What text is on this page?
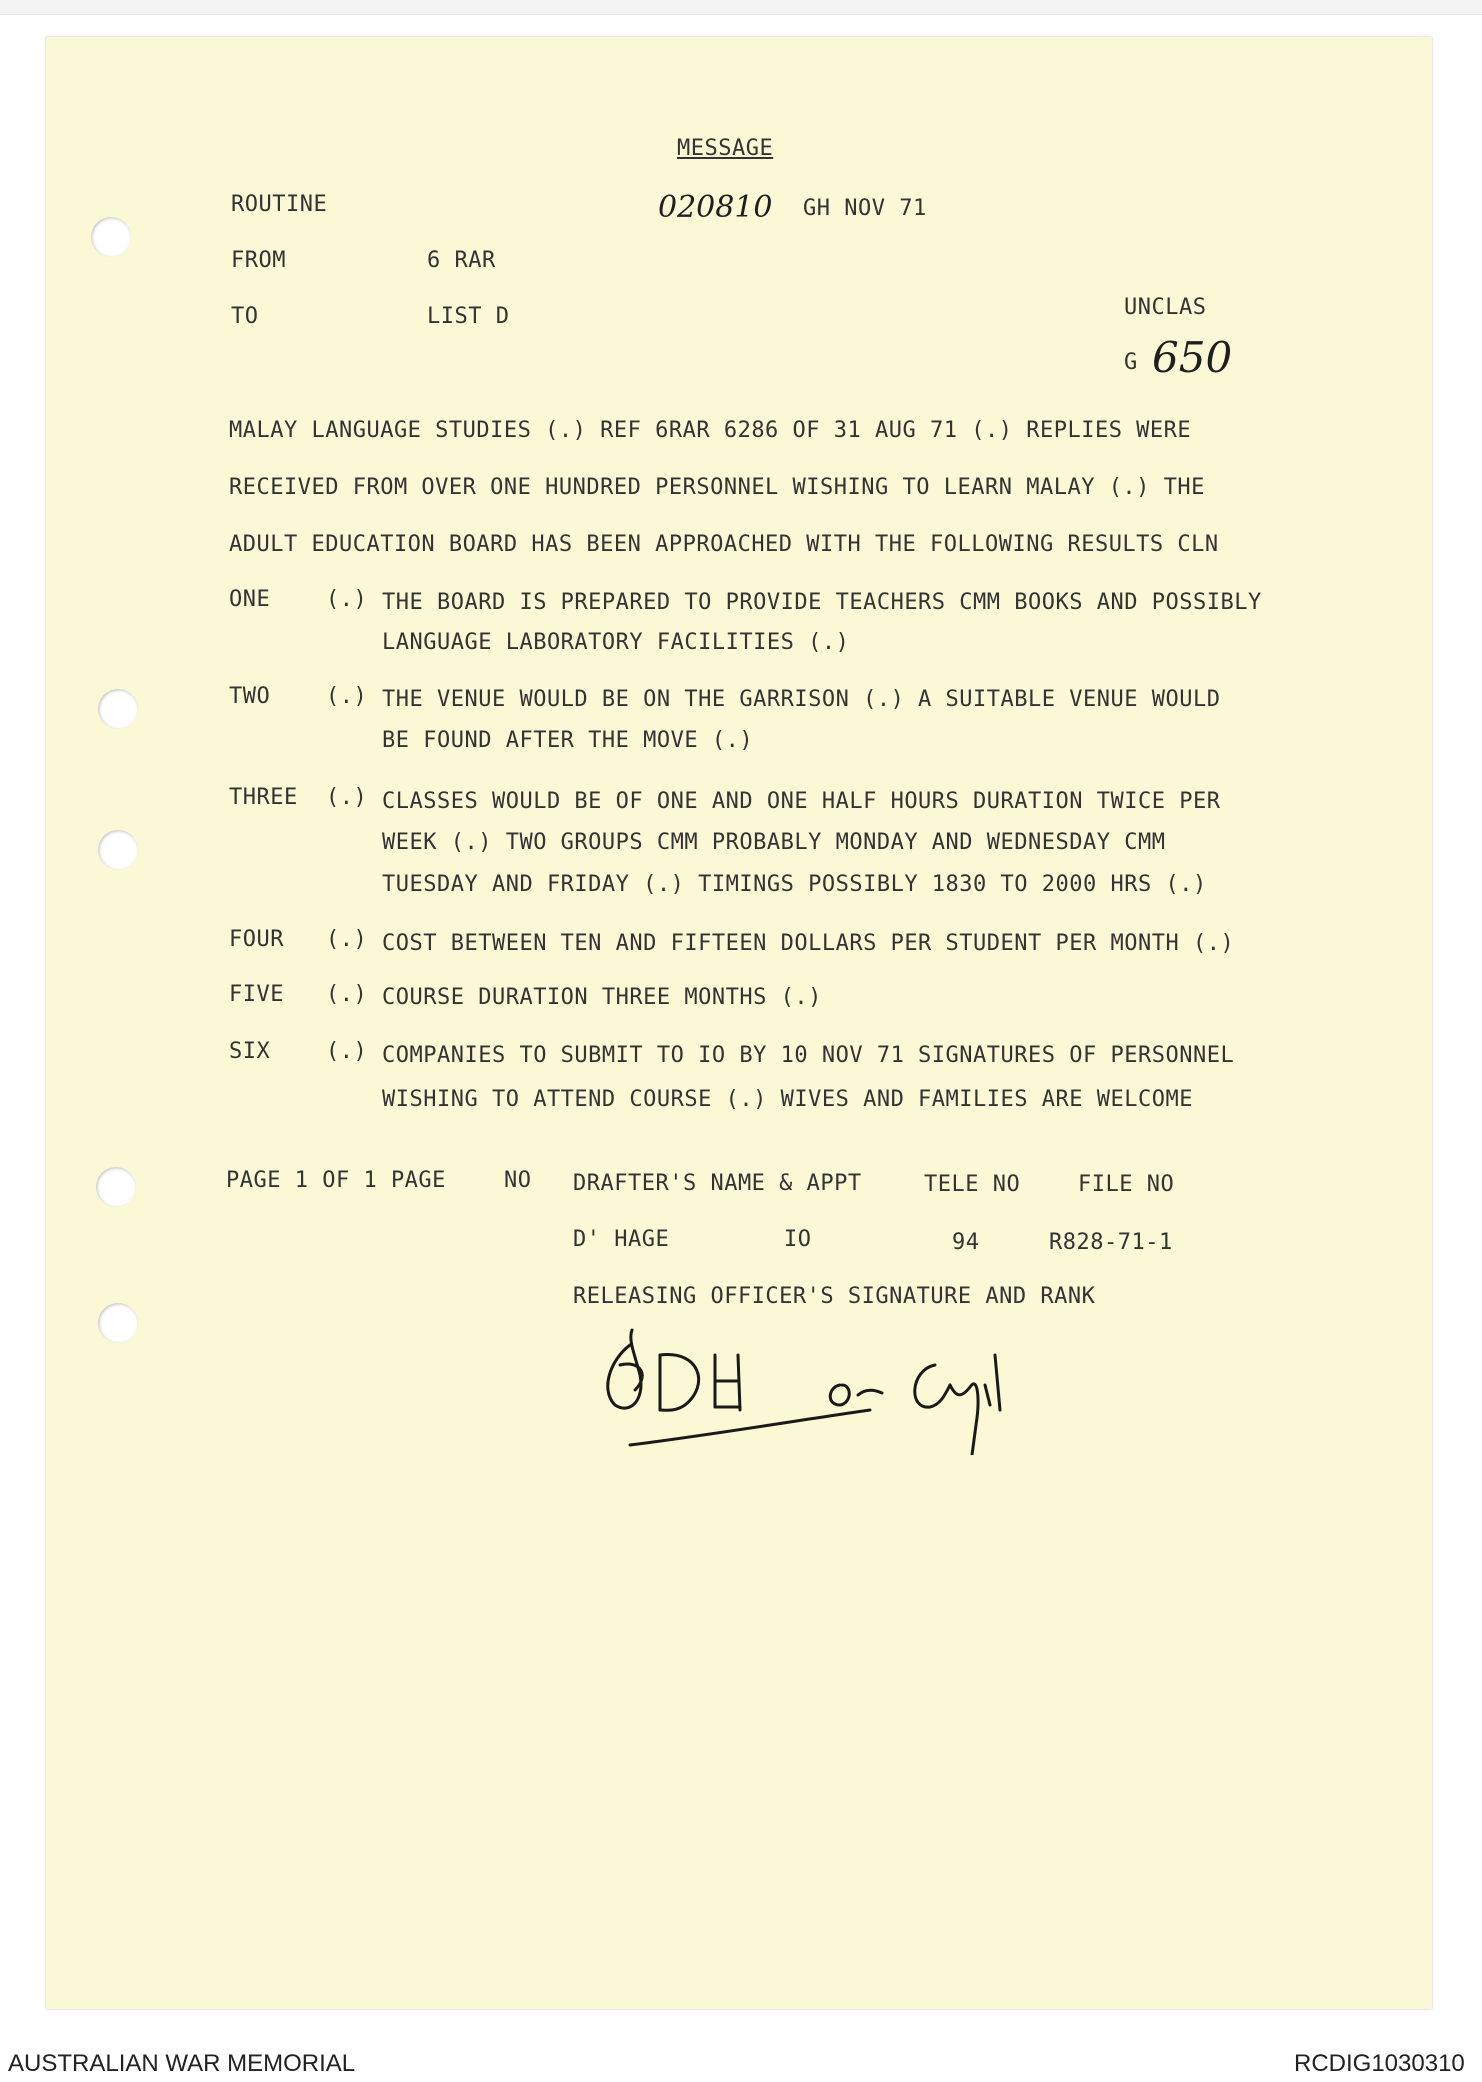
MESSAGE
ROUTINE	020810 GH NOV 71
FROM	6 RAR
TO	LIST D	UNCLAS
G 650
MALAY LANGUAGE STUDIES (.) REF 6RAR 6286 OF 31 AUG 71 (.) REPLIES WERE
RECEIVED FROM OVER ONE HUNDRED PERSONNEL WISHING TO LEARN MALAY (.) THE
ADULT EDUCATION BOARD HAS BEEN APPROACHED WITH THE FOLLOWING RESULTS CLN
ONE	(.) THE BOARD IS PREPARED TO PROVIDE TEACHERS CMM BOOKS AND POSSIBLY
LANGUAGE LABORATORY FACILITIES (.)
TWO	(.) THE VENUE WOULD BE ON THE GARRISON (.) A SUITABLE VENUE WOULD
BE FOUND AFTER THE MOVE (.)
THREE (.) CLASSES WOULD BE OF ONE AND ONE HALF HOURS DURATION TWICE PER
WEEK (.) TWO GROUPS CMM PROBABLY MONDAY AND WEDNESDAY CMM
TUESDAY AND FRIDAY (.) TIMINGS POSSIBLY 1830 TO 2000 HRS (.)
FOUR (.) COST BETWEEN TEN AND FIFTEEN DOLLARS PER STUDENT PER MONTH (.)
FIVE (.) COURSE DURATION THREE MONTHS (.)
SIX	(.) COMPANIES TO SUBMIT TO IO BY 10 NOV 71 SIGNATURES OF PERSONNEL
WISHING TO ATTEND COURSE (.) WIVES AND FAMILIES ARE WELCOME
PAGE 1 OF 1 PAGE	NO DRAFTER'S NAME & APPT	TELE NO	FILE NO
D' HAGE	IO	94	R828-71-1
RELEASING OFFICER'S SIGNATURE AND RANK
AUSTRALIAN WAR MEMORIAL	RCDIG1030310
